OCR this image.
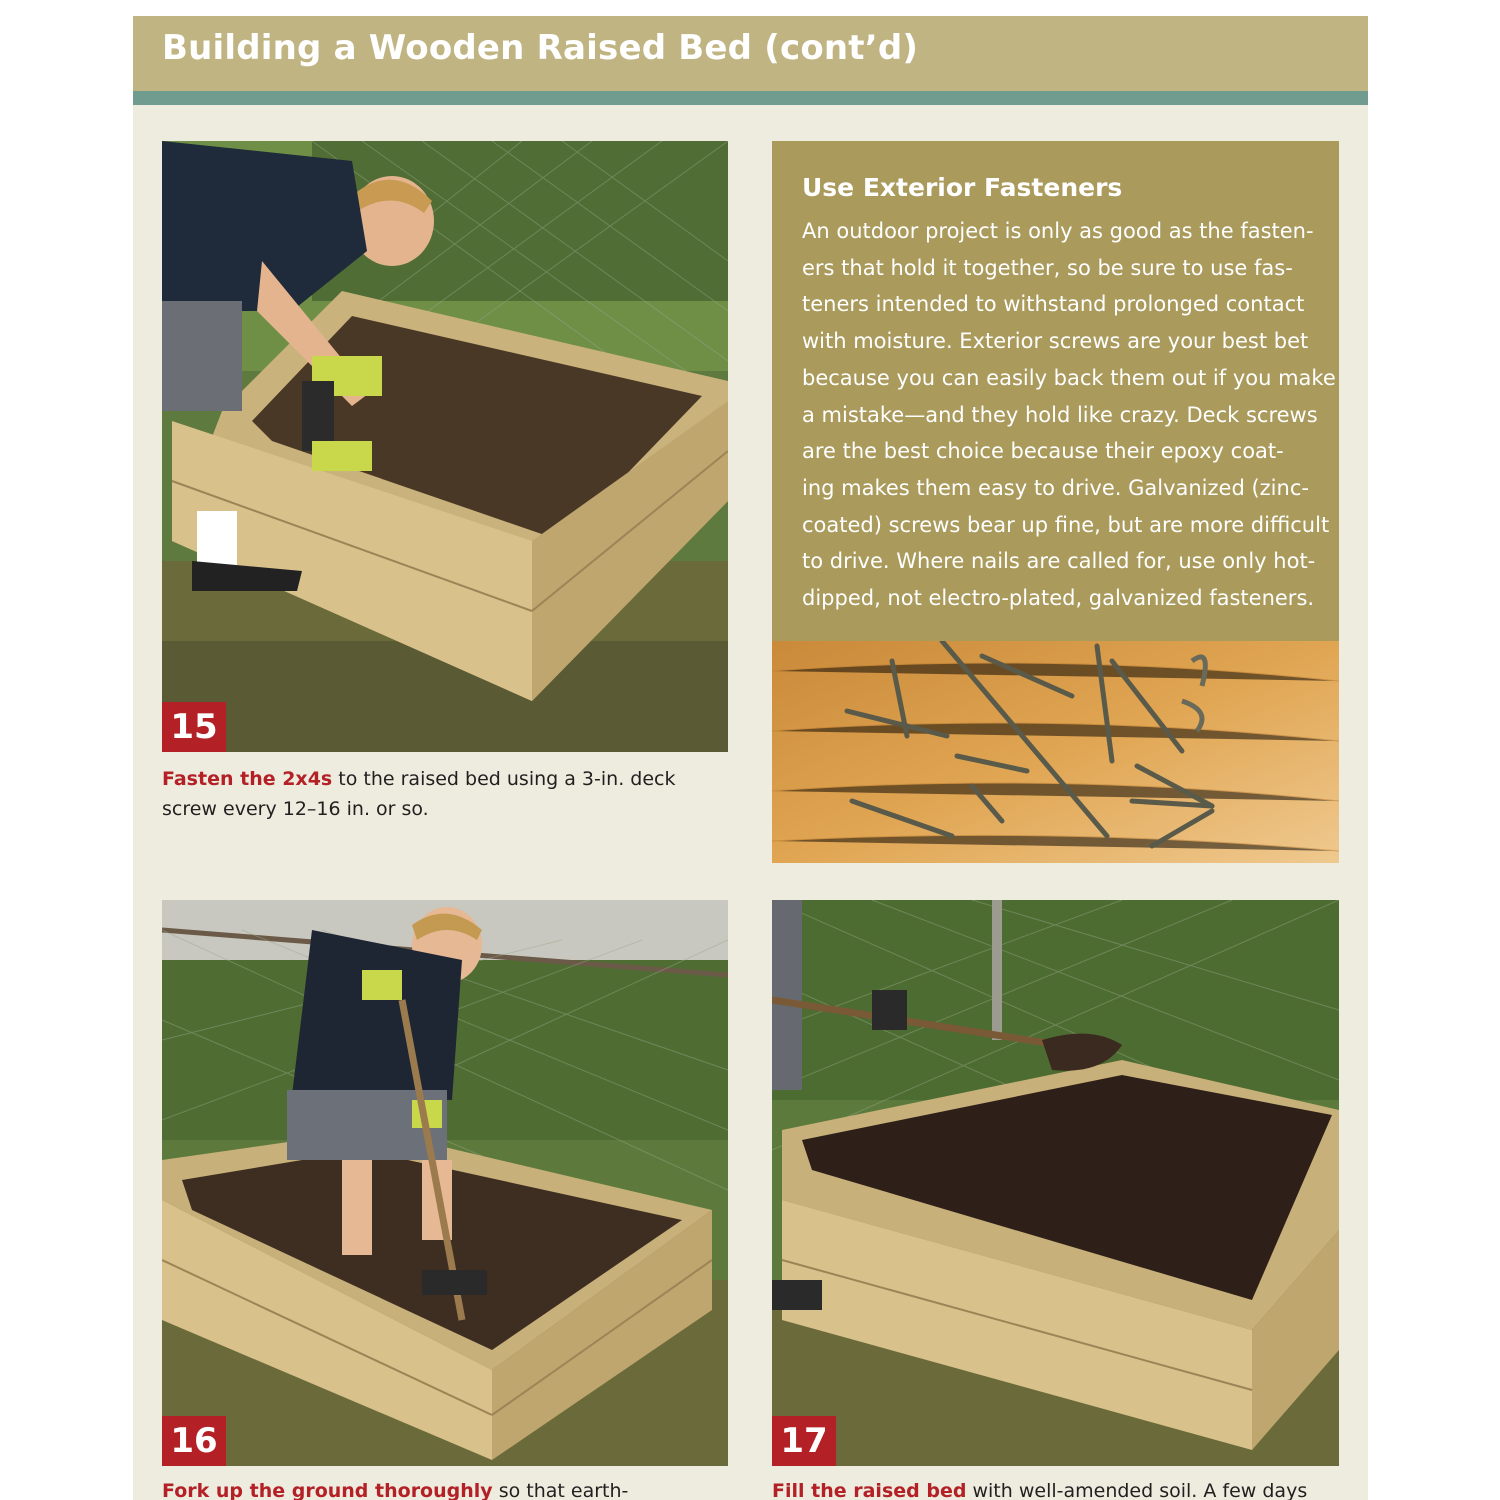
Building a Wooden Raised Bed (cont’d)
15
Fasten the 2x4s to the raised bed using a 3-in. deck
screw every 12–16 in. or so.
Use Exterior Fasteners
An outdoor project is only as good as the fasten-
ers that hold it together, so be sure to use fas-
teners intended to withstand prolonged contact
with moisture. Exterior screws are your best bet
because you can easily back them out if you make
a mistake—and they hold like crazy. Deck screws
are the best choice because their epoxy coat-
ing makes them easy to drive. Galvanized (zinc-
coated) screws bear up fine, but are more difficult
to drive. Where nails are called for, use only hot-
dipped, not electro-plated, galvanized fasteners.
16
Fork up the ground thoroughly so that earth-
17
Fill the raised bed with well-amended soil. A few days
